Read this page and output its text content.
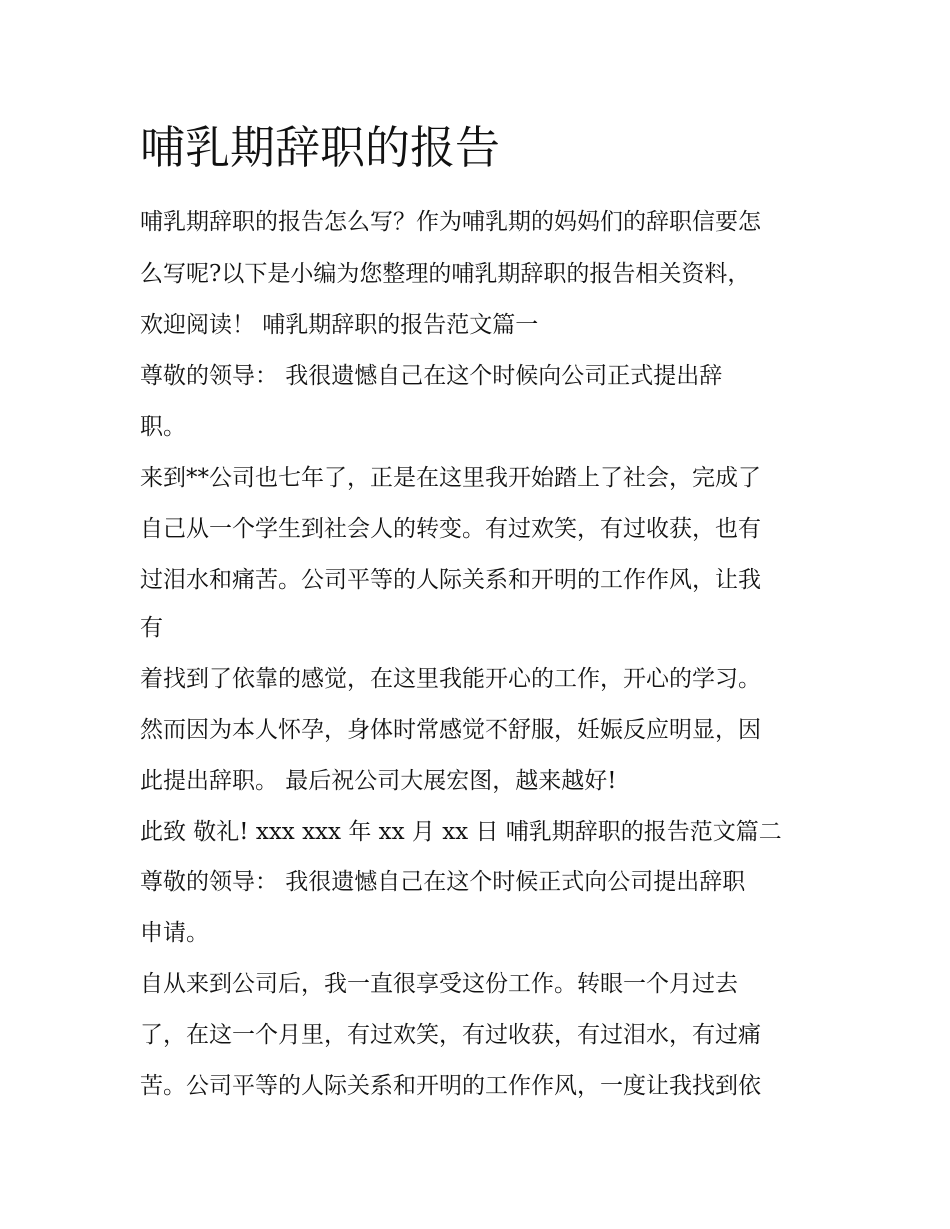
哺乳期辞职的报告
哺乳期辞职的报告怎么写？作为哺乳期的妈妈们的辞职信要怎
么写呢?以下是小编为您整理的哺乳期辞职的报告相关资料，
欢迎阅读！ 哺乳期辞职的报告范文篇一
尊敬的领导： 我很遗憾自己在这个时候向公司正式提出辞
职。
来到**公司也七年了，正是在这里我开始踏上了社会，完成了
自己从一个学生到社会人的转变。有过欢笑，有过收获，也有
过泪水和痛苦。公司平等的人际关系和开明的工作作风，让我
有
着找到了依靠的感觉，在这里我能开心的工作，开心的学习。
然而因为本人怀孕，身体时常感觉不舒服，妊娠反应明显，因
此提出辞职。 最后祝公司大展宏图，越来越好!
此致 敬礼! xxx xxx 年 xx 月 xx 日 哺乳期辞职的报告范文篇二
尊敬的领导： 我很遗憾自己在这个时候正式向公司提出辞职
申请。
自从来到公司后，我一直很享受这份工作。转眼一个月过去
了，在这一个月里，有过欢笑，有过收获，有过泪水，有过痛
苦。公司平等的人际关系和开明的工作作风，一度让我找到依
